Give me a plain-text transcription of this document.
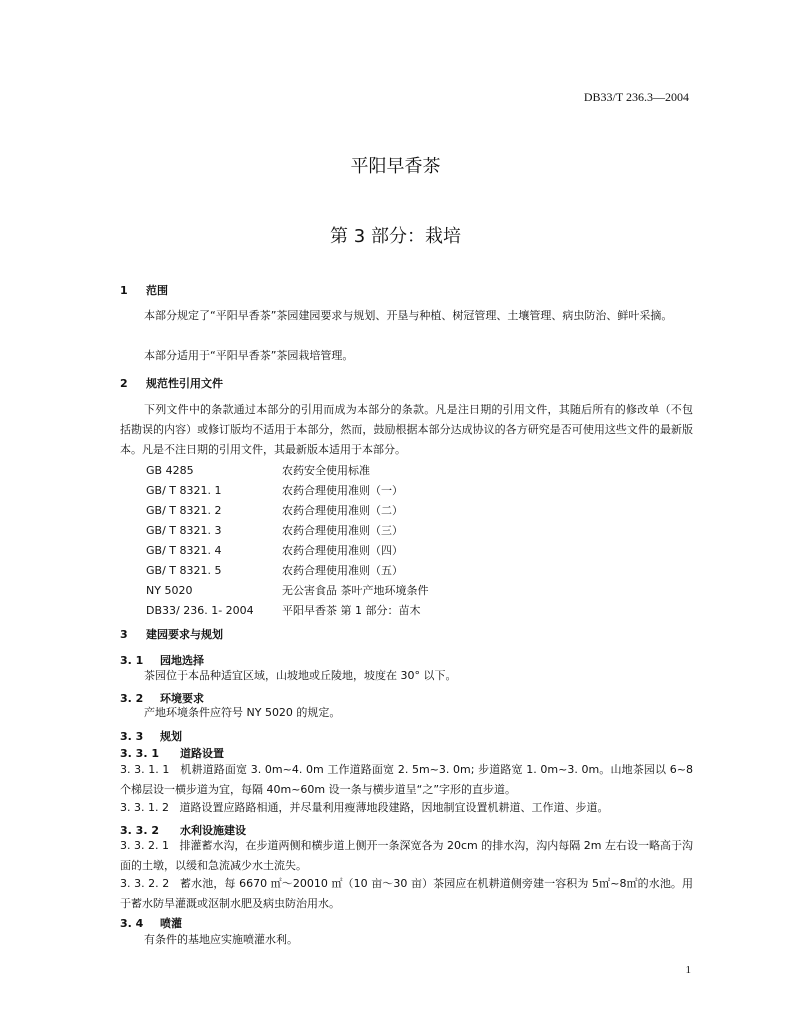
DB33/T 236.3—2004
平阳早香茶
第 3 部分：栽培
1 范围
本部分规定了“平阳早香茶”茶园建园要求与规划、开垦与种植、树冠管理、土壤管理、病虫防治、鲜叶采摘。
本部分适用于“平阳早香茶”茶园栽培管理。
2 规范性引用文件
下列文件中的条款通过本部分的引用而成为本部分的条款。凡是注日期的引用文件，其随后所有的修改单（不包括勘误的内容）或修订版均不适用于本部分，然而，鼓励根据本部分达成协议的各方研究是否可使用这些文件的最新版本。凡是不注日期的引用文件，其最新版本适用于本部分。
GB 4285	农药安全使用标准
GB/ T 8321. 1	农药合理使用准则（一）
GB/ T 8321. 2	农药合理使用准则（二）
GB/ T 8321. 3	农药合理使用准则（三）
GB/ T 8321. 4	农药合理使用准则（四）
GB/ T 8321. 5	农药合理使用准则（五）
NY 5020	无公害食品 茶叶产地环境条件
DB33/ 236. 1- 2004	平阳早香茶 第 1 部分：苗木
3 建园要求与规划
3. 1 园地选择
茶园位于本品种适宜区域，山坡地或丘陵地，坡度在 30° 以下。
3. 2 环境要求
产地环境条件应符号 NY 5020 的规定。
3. 3 规划
3. 3. 1 道路设置
3. 3. 1. 1 机耕道路面宽 3. 0m~4. 0m 工作道路面宽 2. 5m~3. 0m; 步道路宽 1. 0m~3. 0m。山地茶园以 6~8 个梯层设一横步道为宜，每隔 40m~60m 设一条与横步道呈“之”字形的直步道。
3. 3. 1. 2 道路设置应路路相通，并尽量利用瘦薄地段建路，因地制宜设置机耕道、工作道、步道。
3. 3. 2 水利设施建设
3. 3. 2. 1 排灌蓄水沟，在步道两侧和横步道上侧开一条深宽各为 20cm 的排水沟，沟内每隔 2m 左右设一略高于沟面的土墩，以缓和急流减少水土流失。
3. 3. 2. 2 蓄水池，每 6670 ㎡～20010 ㎡（10 亩～30 亩）茶园应在机耕道侧旁建一容积为 5㎡~8㎡的水池。用于蓄水防旱灌溉或沤制水肥及病虫防治用水。
3. 4 喷灌
有条件的基地应实施喷灌水利。
1
